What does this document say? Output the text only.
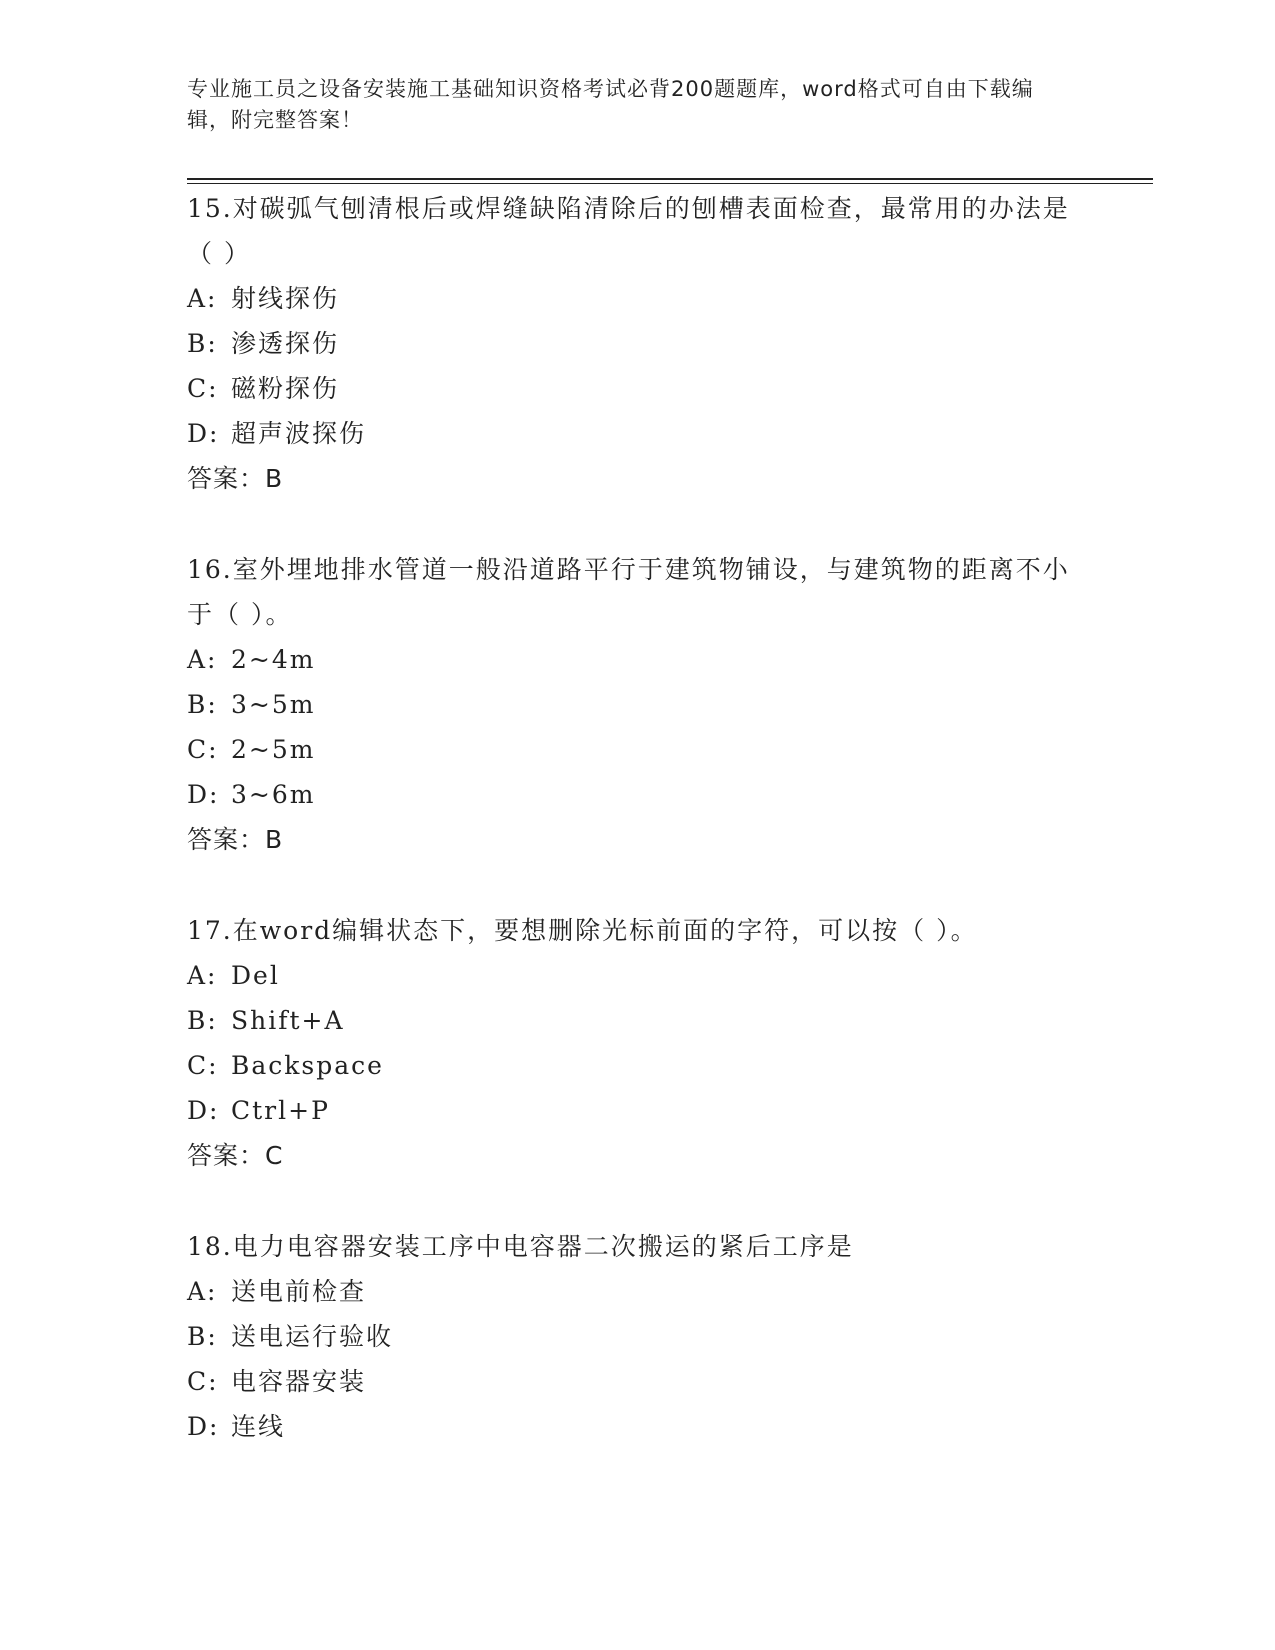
专业施工员之设备安装施工基础知识资格考试必背200题题库，word格式可自由下载编辑，附完整答案！
15.对碳弧气刨清根后或焊缝缺陷清除后的刨槽表面检查，最常用的办法是（ ）
A: 射线探伤
B: 渗透探伤
C: 磁粉探伤
D: 超声波探伤
答案：B
16.室外埋地排水管道一般沿道路平行于建筑物铺设，与建筑物的距离不小于（ ）。
A: 2~4m
B: 3~5m
C: 2~5m
D: 3~6m
答案：B
17.在word编辑状态下，要想删除光标前面的字符，可以按（ ）。
A: Del
B: Shift+A
C: Backspace
D: Ctrl+P
答案：C
18.电力电容器安装工序中电容器二次搬运的紧后工序是
A: 送电前检查
B: 送电运行验收
C: 电容器安装
D: 连线
